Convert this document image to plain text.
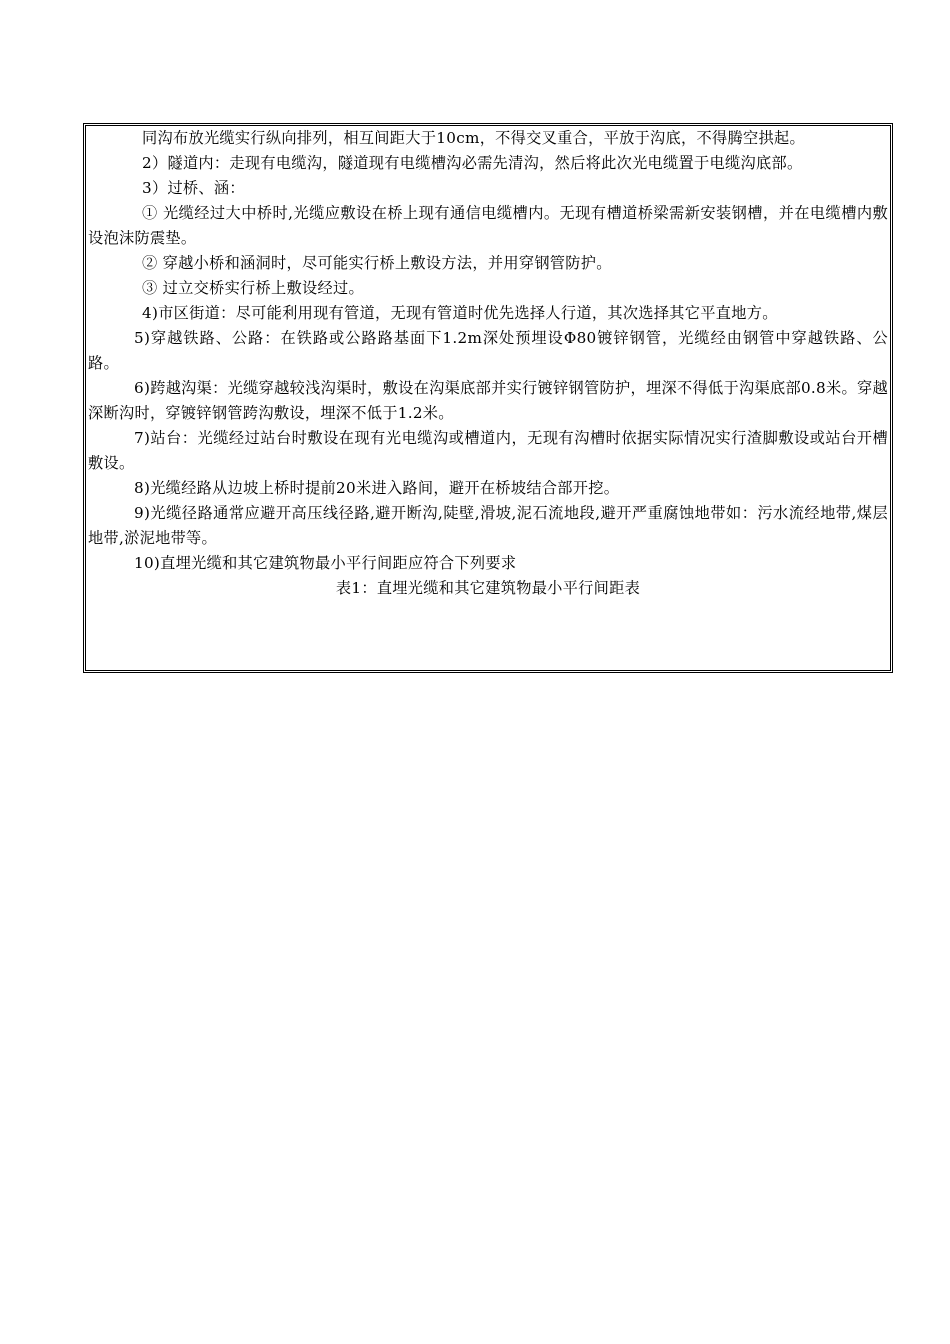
同沟布放光缆实行纵向排列，相互间距大于10cm，不得交叉重合，平放于沟底，不得腾空拱起。

2）隧道内：走现有电缆沟，隧道现有电缆槽沟必需先清沟，然后将此次光电缆置于电缆沟底部。

3）过桥、涵：

① 光缆经过大中桥时,光缆应敷设在桥上现有通信电缆槽内。无现有槽道桥梁需新安装钢槽，并在电缆槽内敷设泡沫防震垫。

② 穿越小桥和涵洞时，尽可能实行桥上敷设方法，并用穿钢管防护。

③ 过立交桥实行桥上敷设经过。

4)市区街道：尽可能利用现有管道，无现有管道时优先选择人行道，其次选择其它平直地方。

5)穿越铁路、公路：在铁路或公路路基面下1.2m深处预埋设Φ80镀锌钢管，光缆经由钢管中穿越铁路、公路。

6)跨越沟渠：光缆穿越较浅沟渠时，敷设在沟渠底部并实行镀锌钢管防护，埋深不得低于沟渠底部0.8米。穿越深断沟时，穿镀锌钢管跨沟敷设，埋深不低于1.2米。

7)站台：光缆经过站台时敷设在现有光电缆沟或槽道内，无现有沟槽时依据实际情况实行渣脚敷设或站台开槽敷设。

8)光缆经路从边坡上桥时提前20米进入路间，避开在桥坡结合部开挖。

9)光缆径路通常应避开高压线径路,避开断沟,陡壁,滑坡,泥石流地段,避开严重腐蚀地带如：污水流经地带,煤层地带,淤泥地带等。

10)直埋光缆和其它建筑物最小平行间距应符合下列要求

表1：直埋光缆和其它建筑物最小平行间距表
